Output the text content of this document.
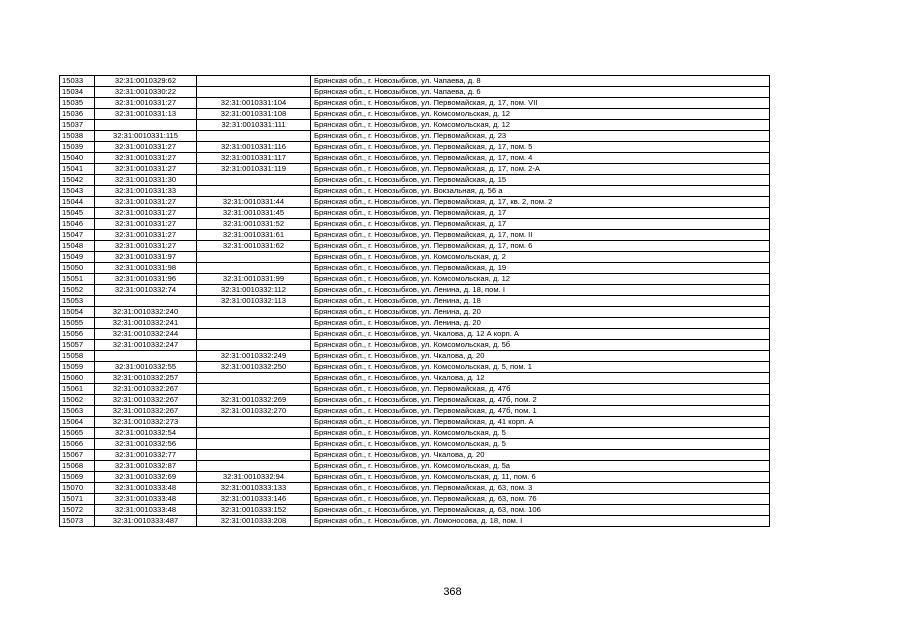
15033	32:31:0010329:62		Брянская обл., г. Новозыбков, ул. Чапаева, д. 8
15034	32:31:0010330:22		Брянская обл., г. Новозыбков, ул. Чапаева, д. 6
15035	32:31:0010331:27	32:31:0010331:104	Брянская обл., г. Новозыбков, ул. Первомайская, д. 17, пом. VII
15036	32:31:0010331:13	32:31:0010331:108	Брянская обл., г. Новозыбков, ул. Комсомольская, д. 12
15037		32:31:0010331:111	Брянская обл., г. Новозыбков, ул. Комсомольская, д. 12
15038	32:31:0010331:115		Брянская обл., г. Новозыбков, ул. Первомайская, д. 23
15039	32:31:0010331:27	32:31:0010331:116	Брянская обл., г. Новозыбков, ул. Первомайская, д. 17, пом. 5
15040	32:31:0010331:27	32:31:0010331:117	Брянская обл., г. Новозыбков, ул. Первомайская, д. 17, пом. 4
15041	32:31:0010331:27	32:31:0010331:119	Брянская обл., г. Новозыбков, ул. Первомайская, д. 17, пом. 2-А
15042	32:31:0010331:30		Брянская обл., г. Новозыбков, ул. Первомайская, д. 15
15043	32:31:0010331:33		Брянская обл., г. Новозыбков, ул. Вокзальная, д. 56 а
15044	32:31:0010331:27	32:31:0010331:44	Брянская обл., г. Новозыбков, ул. Первомайская, д. 17, кв. 2, пом. 2
15045	32:31:0010331:27	32:31:0010331:45	Брянская обл., г. Новозыбков, ул. Первомайская, д. 17
15046	32:31:0010331:27	32:31:0010331:52	Брянская обл., г. Новозыбков, ул. Первомайская, д. 17
15047	32:31:0010331:27	32:31:0010331:61	Брянская обл., г. Новозыбков, ул. Первомайская, д. 17, пом. II
15048	32:31:0010331:27	32:31:0010331:62	Брянская обл., г. Новозыбков, ул. Первомайская, д. 17, пом. 6
15049	32:31:0010331:97		Брянская обл., г. Новозыбков, ул. Комсомольская, д. 2
15050	32:31:0010331:98		Брянская обл., г. Новозыбков, ул. Первомайская, д. 19
15051	32:31:0010331:96	32:31:0010331:99	Брянская обл., г. Новозыбков, ул. Комсомольская, д. 12
15052	32:31:0010332:74	32:31:0010332:112	Брянская обл., г. Новозыбков, ул. Ленина, д. 18, пом. I
15053		32:31:0010332:113	Брянская обл., г. Новозыбков, ул. Ленина, д. 18
15054	32:31:0010332:240		Брянская обл., г. Новозыбков, ул. Ленина, д. 20
15055	32:31:0010332:241		Брянская обл., г. Новозыбков, ул. Ленина, д. 20
15056	32:31:0010332:244		Брянская обл., г. Новозыбков, ул. Чкалова, д. 12 А корп. А
15057	32:31:0010332:247		Брянская обл., г. Новозыбков, ул. Комсомольская, д. 5б
15058		32:31:0010332:249	Брянская обл., г. Новозыбков, ул. Чкалова, д. 20
15059	32:31:0010332:55	32:31:0010332:250	Брянская обл., г. Новозыбков, ул. Комсомольская, д. 5, пом. 1
15060	32:31:0010332:257		Брянская обл., г. Новозыбков, ул. Чкалова, д. 12
15061	32:31:0010332:267		Брянская обл., г. Новозыбков, ул. Первомайская, д. 47б
15062	32:31:0010332:267	32:31:0010332:269	Брянская обл., г. Новозыбков, ул. Первомайская, д. 47б, пом. 2
15063	32:31:0010332:267	32:31:0010332:270	Брянская обл., г. Новозыбков, ул. Первомайская, д. 47б, пом. 1
15064	32:31:0010332:273		Брянская обл., г. Новозыбков, ул. Первомайская, д. 41 корп. А
15065	32:31:0010332:54		Брянская обл., г. Новозыбков, ул. Комсомольская, д. 5
15066	32:31:0010332:56		Брянская обл., г. Новозыбков, ул. Комсомольская, д. 5
15067	32:31:0010332:77		Брянская обл., г. Новозыбков, ул. Чкалова, д. 20
15068	32:31:0010332:87		Брянская обл., г. Новозыбков, ул. Комсомольская, д. 5а
15069	32:31:0010332:69	32:31:0010332:94	Брянская обл., г. Новозыбков, ул. Комсомольская, д. 11, пом. 6
15070	32:31:0010333:48	32:31:0010333:133	Брянская обл., г. Новозыбков, ул. Первомайская, д. 63, пом. 3
15071	32:31:0010333:48	32:31:0010333:146	Брянская обл., г. Новозыбков, ул. Первомайская, д. 63, пом. 76
15072	32:31:0010333:48	32:31:0010333:152	Брянская обл., г. Новозыбков, ул. Первомайская, д. 63, пом. 106
15073	32:31:0010333:487	32:31:0010333:208	Брянская обл., г. Новозыбков, ул. Ломоносова, д. 18, пом. I
368
